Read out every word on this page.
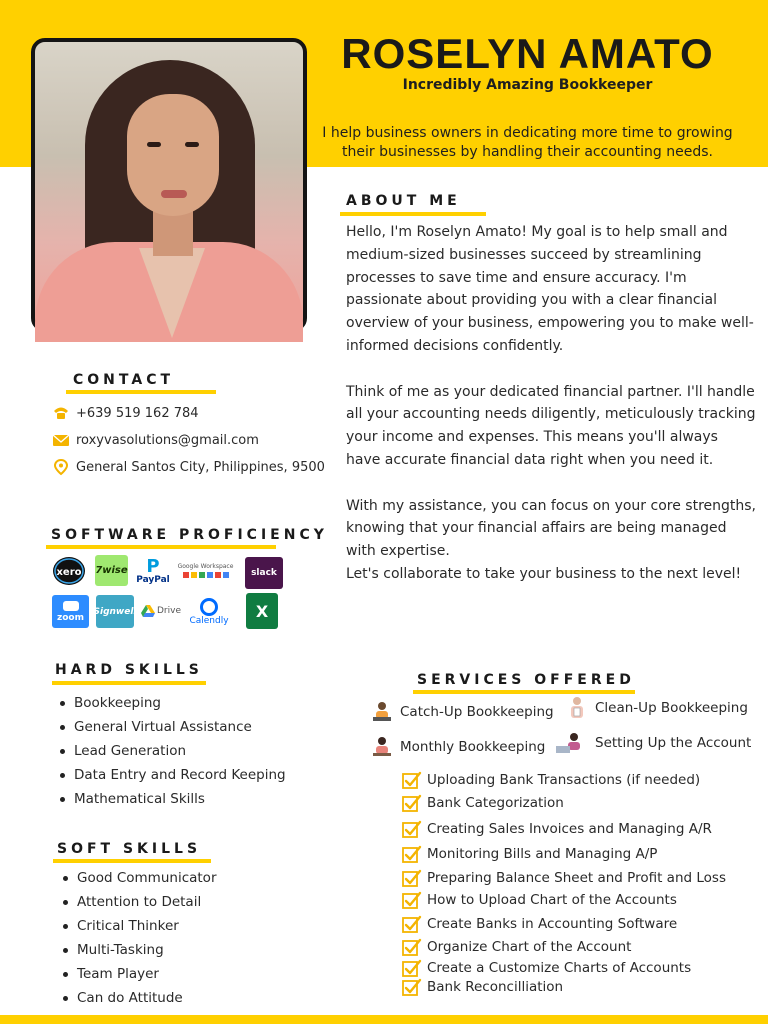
ROSELYN AMATO
Incredibly Amazing Bookkeeper
I help business owners in dedicating more time to growing their businesses by handling their accounting needs.
ABOUT ME

Hello, I'm Roselyn Amato! My goal is to help small and medium-sized businesses succeed by streamlining processes to save time and ensure accuracy. I'm passionate about providing you with a clear financial overview of your business, empowering you to make well-informed decisions confidently.

Think of me as your dedicated financial partner. I'll handle all your accounting needs diligently, meticulously tracking your income and expenses. This means you'll always have accurate financial data right when you need it.

With my assistance, you can focus on your core strengths, knowing that your financial affairs are being managed with expertise.

Let's collaborate to take your business to the next level!

CONTACT
+639 519 162 784
roxyvasolutions@gmail.com
General Santos City, Philippines, 9500
SOFTWARE PROFICIENCY
xero 7wise P
PayPal
Google Workspace
slack
zoom
Signwell Drive
Calendly
X
HARD SKILLS
Bookkeeping
General Virtual Assistance
Lead Generation
Data Entry and Record Keeping
Mathematical Skills
SOFT SKILLS
Good Communicator
Attention to Detail
Critical Thinker
Multi-Tasking
Team Player
Can do Attitude
SERVICES OFFERED
Catch-Up Bookkeeping	Clean-Up Bookkeeping
Monthly Bookkeeping	Setting Up the Account
Uploading Bank Transactions (if needed)
Bank Categorization
Creating Sales Invoices and Managing A/R
Monitoring Bills and Managing A/P
Preparing Balance Sheet and Profit and Loss
How to Upload Chart of the Accounts
Create Banks in Accounting Software
Organize Chart of the Account
Create a Customize Charts of Accounts
Bank Reconcilliation
